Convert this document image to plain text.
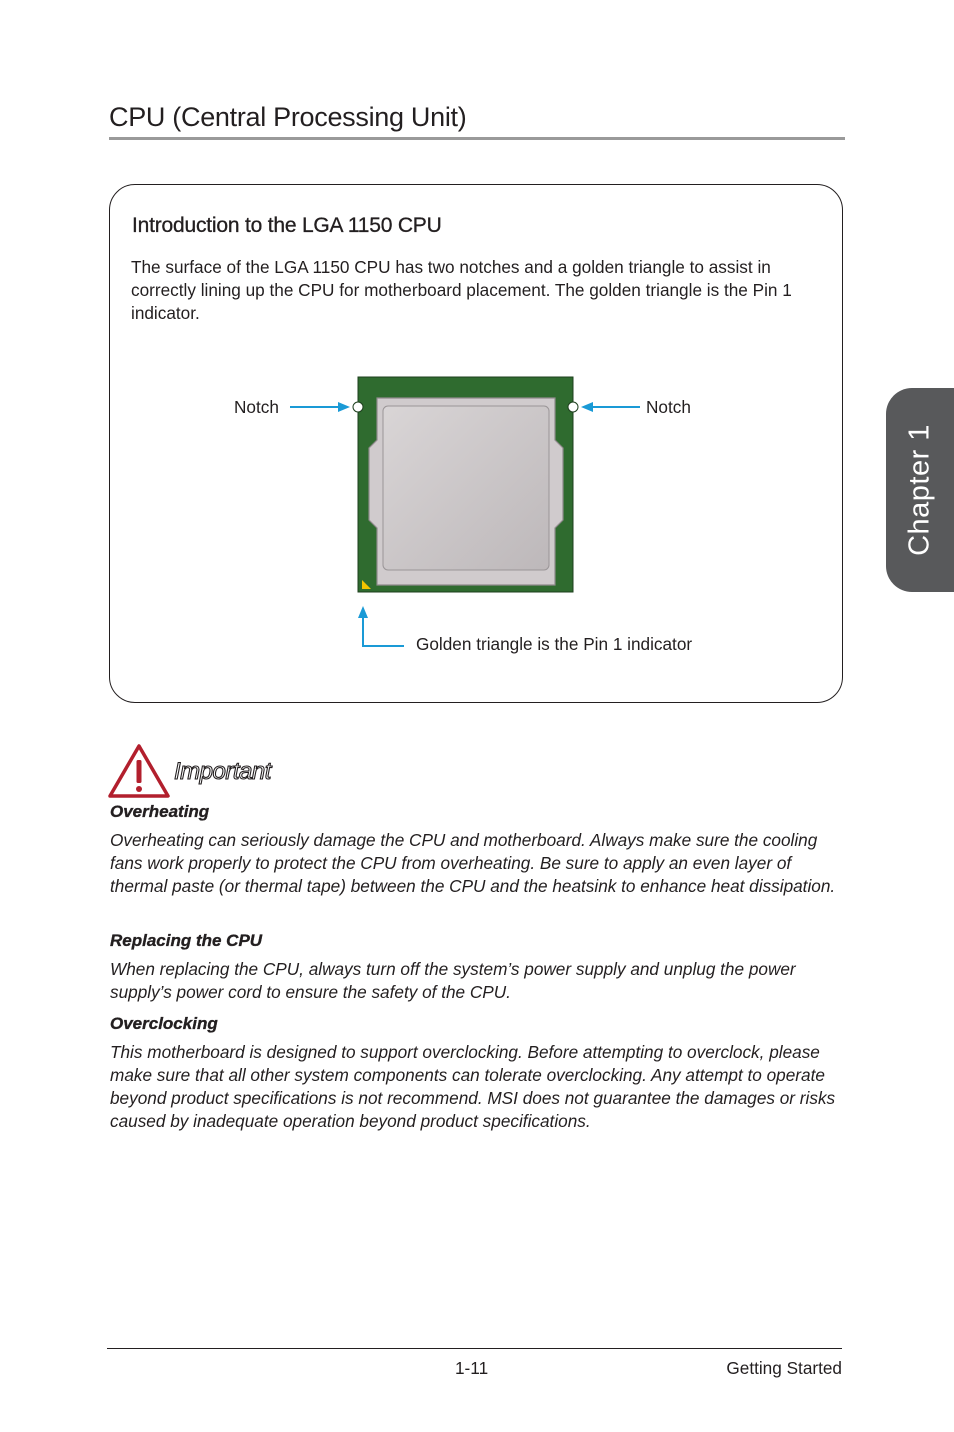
CPU (Central Processing Unit)
Introduction to the LGA 1150 CPU

The surface of the LGA 1150 CPU has two notches and a golden triangle to assist in correctly lining up the CPU for motherboard placement. The golden triangle is the Pin 1 indicator.

Notch	Notch
Golden triangle is the Pin 1 indicator
Important
Overheating

Overheating can seriously damage the CPU and motherboard. Always make sure the cooling fans work properly to protect the CPU from overheating. Be sure to apply an even layer of thermal paste (or thermal tape) between the CPU and the heatsink to enhance heat dissipation.

Replacing the CPU

When replacing the CPU, always turn off the system’s power supply and unplug the power supply’s power cord to ensure the safety of the CPU.

Overclocking

This motherboard is designed to support overclocking. Before attempting to overclock, please make sure that all other system components can tolerate overclocking. Any attempt to operate beyond product specifications is not recommend. MSI does not guarantee the damages or risks caused by inadequate operation beyond product specifications.

Chapter 1
1-11	Getting Started
